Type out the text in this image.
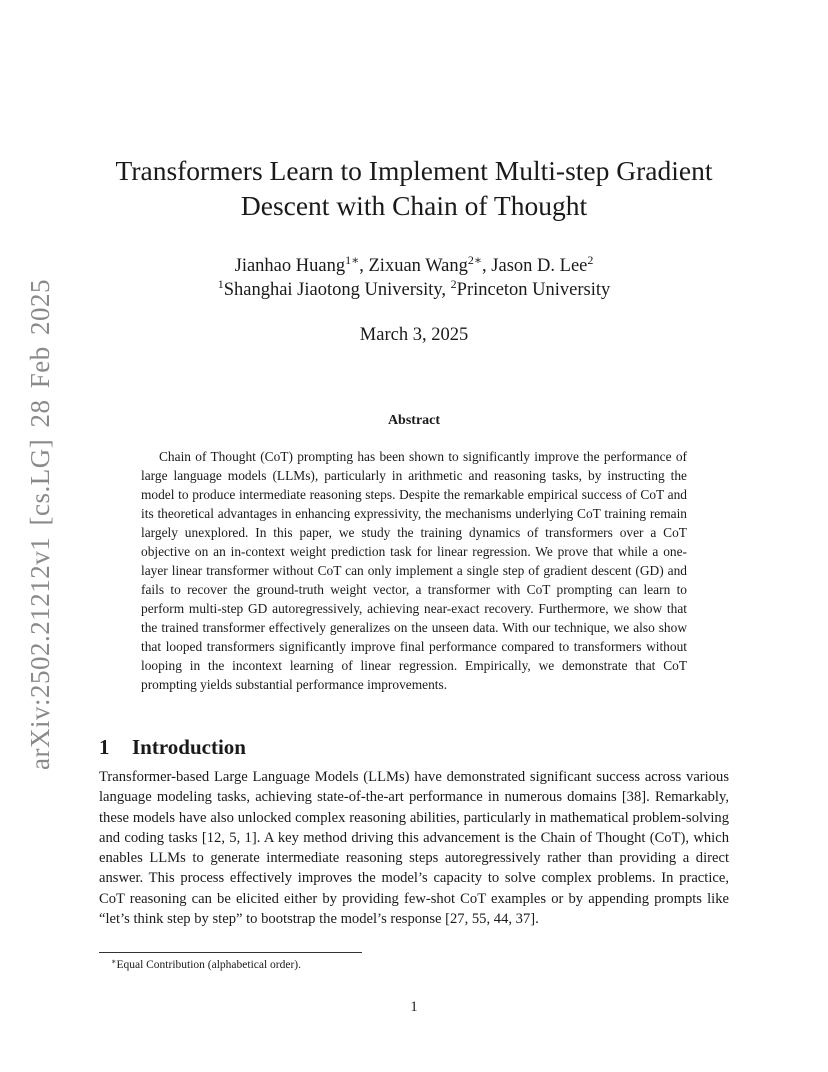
arXiv:2502.21212v1 [cs.LG] 28 Feb 2025
Transformers Learn to Implement Multi-step Gradient
Descent with Chain of Thought
Jianhao Huang$^{1∗}$, Zixuan Wang$^{2∗}$, Jason D. Lee$^2$
$^1$Shanghai Jiaotong University, $^2$Princeton University
March 3, 2025
Abstract

Chain of Thought (CoT) prompting has been shown to significantly improve the performance of large language models (LLMs), particularly in arithmetic and reasoning tasks, by instructing the model to produce intermediate reasoning steps. Despite the remarkable empirical success of CoT and its theoretical advantages in enhancing expressivity, the mechanisms underlying CoT training remain largely unexplored. In this paper, we study the training dynamics of transformers over a CoT objective on an in-context weight prediction task for linear regression. We prove that while a one-layer linear transformer without CoT can only implement a single step of gradient descent (GD) and fails to recover the ground-truth weight vector, a transformer with CoT prompting can learn to perform multi-step GD autoregressively, achieving near-exact recovery. Furthermore, we show that the trained transformer effectively generalizes on the unseen data. With our technique, we also show that looped transformers significantly improve final performance compared to transformers without looping in the incontext learning of linear regression. Empirically, we demonstrate that CoT prompting yields substantial performance improvements.

1 Introduction

Transformer-based Large Language Models (LLMs) have demonstrated significant success across various language modeling tasks, achieving state-of-the-art performance in numerous domains [38]. Remarkably, these models have also unlocked complex reasoning abilities, particularly in mathematical problem-solving and coding tasks [12, 5, 1]. A key method driving this advancement is the Chain of Thought (CoT), which enables LLMs to generate intermediate reasoning steps autoregressively rather than providing a direct answer. This process effectively improves the model’s capacity to solve complex problems. In practice, CoT reasoning can be elicited either by providing few-shot CoT examples or by appending prompts like “let’s think step by step” to bootstrap the model’s response [27, 55, 44, 37].

∗Equal Contribution (alphabetical order).
1
